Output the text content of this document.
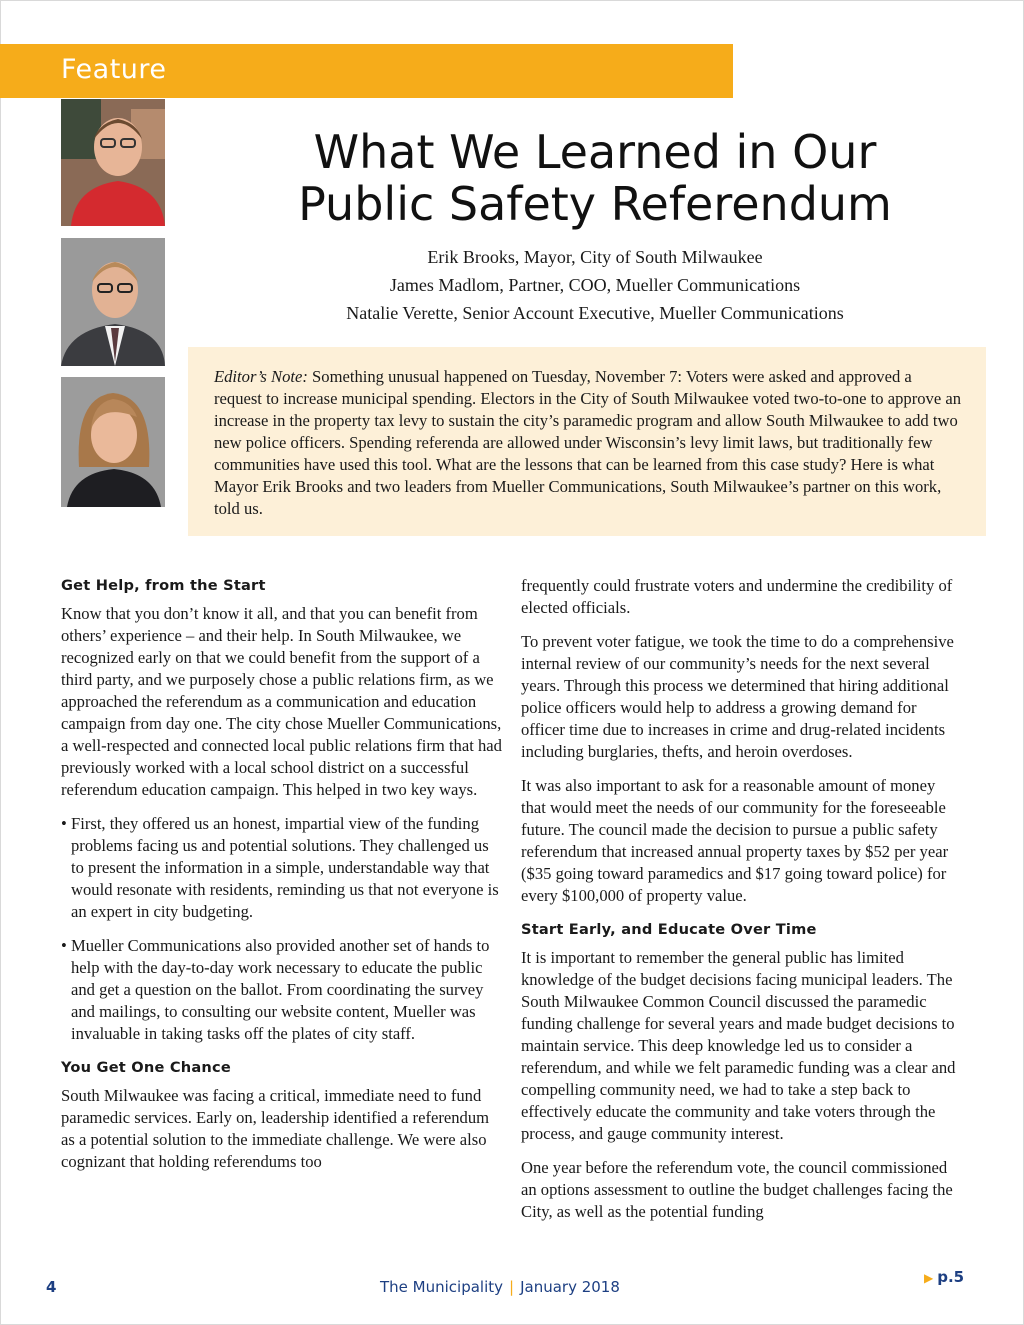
Feature
What We Learned in Our
Public Safety Referendum
Erik Brooks, Mayor, City of South Milwaukee
James Madlom, Partner, COO, Mueller Communications
Natalie Verette, Senior Account Executive, Mueller Communications
Editor’s Note: Something unusual happened on Tuesday, November 7: Voters were asked and approved a request to increase municipal spending. Electors in the City of South Milwaukee voted two-to-one to approve an increase in the property tax levy to sustain the city’s paramedic program and allow South Milwaukee to add two new police officers. Spending referenda are allowed under Wisconsin’s levy limit laws, but traditionally few communities have used this tool. What are the lessons that can be learned from this case study? Here is what Mayor Erik Brooks and two leaders from Mueller Communications, South Milwaukee’s partner on this work, told us.
Get Help, from the Start

Know that you don’t know it all, and that you can benefit from others’ experience – and their help. In South Milwaukee, we recognized early on that we could benefit from the support of a third party, and we purposely chose a public relations firm, as we approached the referendum as a communication and education campaign from day one. The city chose Mueller Communications, a well-respected and connected local public relations firm that had previously worked with a local school district on a successful referendum education campaign. This helped in two key ways.

• First, they offered us an honest, impartial view of the funding problems facing us and potential solutions. They challenged us to present the information in a simple, understandable way that would resonate with residents, reminding us that not everyone is an expert in city budgeting.
• Mueller Communications also provided another set of hands to help with the day-to-day work necessary to educate the public and get a question on the ballot. From coordinating the survey and mailings, to consulting our website content, Mueller was invaluable in taking tasks off the plates of city staff.
You Get One Chance

South Milwaukee was facing a critical, immediate need to fund paramedic services. Early on, leadership identified a referendum as a potential solution to the immediate challenge. We were also cognizant that holding referendums too

frequently could frustrate voters and undermine the credibility of elected officials.

To prevent voter fatigue, we took the time to do a comprehensive internal review of our community’s needs for the next several years. Through this process we determined that hiring additional police officers would help to address a growing demand for officer time due to increases in crime and drug-related incidents including burglaries, thefts, and heroin overdoses.

It was also important to ask for a reasonable amount of money that would meet the needs of our community for the foreseeable future. The council made the decision to pursue a public safety referendum that increased annual property taxes by $52 per year ($35 going toward paramedics and $17 going toward police) for every $100,000 of property value.

Start Early, and Educate Over Time

It is important to remember the general public has limited knowledge of the budget decisions facing municipal leaders. The South Milwaukee Common Council discussed the paramedic funding challenge for several years and made budget decisions to maintain service. This deep knowledge led us to consider a referendum, and while we felt paramedic funding was a clear and compelling community need, we had to take a step back to effectively educate the community and take voters through the process, and gauge community interest.

One year before the referendum vote, the council commissioned an options assessment to outline the budget challenges facing the City, as well as the potential funding

4	The Municipality | January 2018	▶ p.5
